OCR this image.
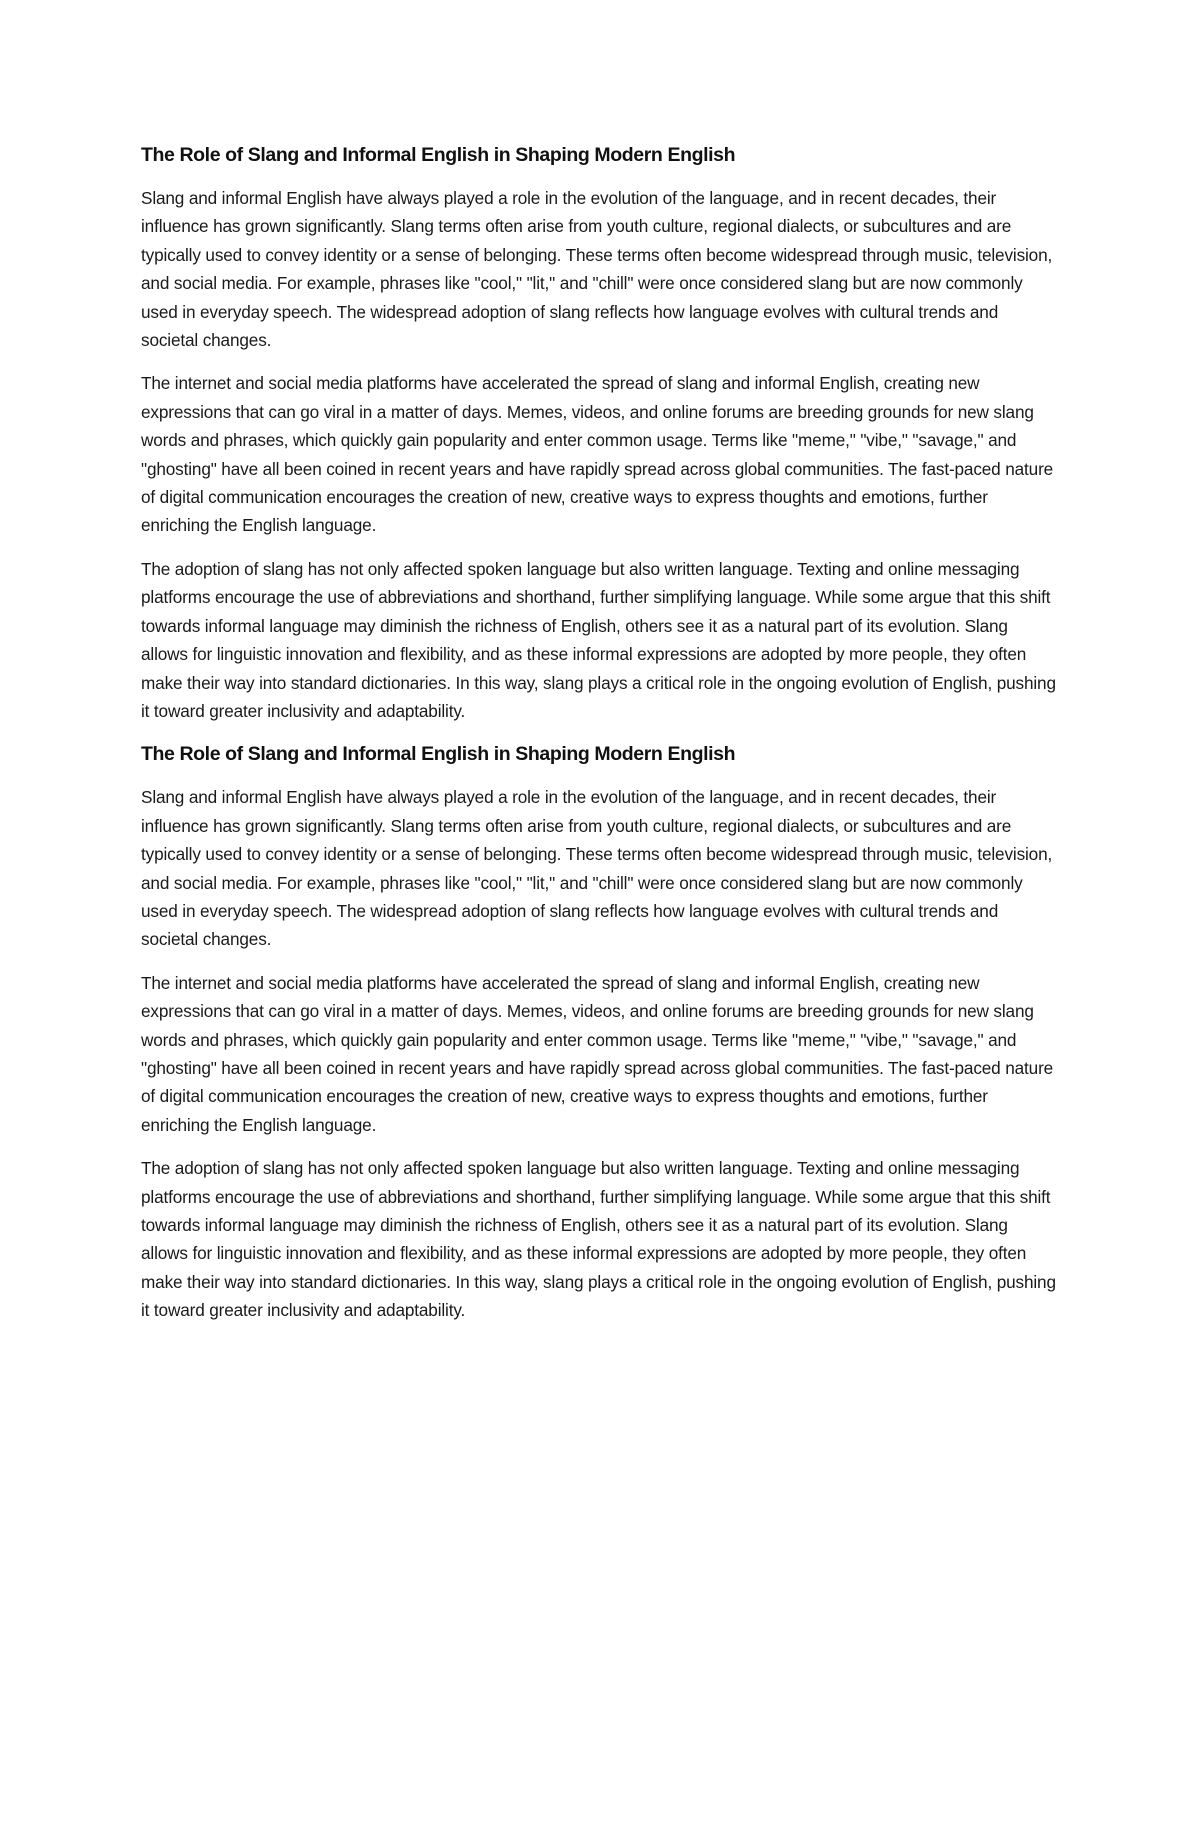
The Role of Slang and Informal English in Shaping Modern English

Slang and informal English have always played a role in the evolution of the language, and in recent decades, their influence has grown significantly. Slang terms often arise from youth culture, regional dialects, or subcultures and are typically used to convey identity or a sense of belonging. These terms often become widespread through music, television, and social media. For example, phrases like "cool," "lit," and "chill" were once considered slang but are now commonly used in everyday speech. The widespread adoption of slang reflects how language evolves with cultural trends and societal changes.

The internet and social media platforms have accelerated the spread of slang and informal English, creating new expressions that can go viral in a matter of days. Memes, videos, and online forums are breeding grounds for new slang words and phrases, which quickly gain popularity and enter common usage. Terms like "meme," "vibe," "savage," and "ghosting" have all been coined in recent years and have rapidly spread across global communities. The fast-paced nature of digital communication encourages the creation of new, creative ways to express thoughts and emotions, further enriching the English language.

The adoption of slang has not only affected spoken language but also written language. Texting and online messaging platforms encourage the use of abbreviations and shorthand, further simplifying language. While some argue that this shift towards informal language may diminish the richness of English, others see it as a natural part of its evolution. Slang allows for linguistic innovation and flexibility, and as these informal expressions are adopted by more people, they often make their way into standard dictionaries. In this way, slang plays a critical role in the ongoing evolution of English, pushing it toward greater inclusivity and adaptability.

The Role of Slang and Informal English in Shaping Modern English

Slang and informal English have always played a role in the evolution of the language, and in recent decades, their influence has grown significantly. Slang terms often arise from youth culture, regional dialects, or subcultures and are typically used to convey identity or a sense of belonging. These terms often become widespread through music, television, and social media. For example, phrases like "cool," "lit," and "chill" were once considered slang but are now commonly used in everyday speech. The widespread adoption of slang reflects how language evolves with cultural trends and societal changes.

The internet and social media platforms have accelerated the spread of slang and informal English, creating new expressions that can go viral in a matter of days. Memes, videos, and online forums are breeding grounds for new slang words and phrases, which quickly gain popularity and enter common usage. Terms like "meme," "vibe," "savage," and "ghosting" have all been coined in recent years and have rapidly spread across global communities. The fast-paced nature of digital communication encourages the creation of new, creative ways to express thoughts and emotions, further enriching the English language.

The adoption of slang has not only affected spoken language but also written language. Texting and online messaging platforms encourage the use of abbreviations and shorthand, further simplifying language. While some argue that this shift towards informal language may diminish the richness of English, others see it as a natural part of its evolution. Slang allows for linguistic innovation and flexibility, and as these informal expressions are adopted by more people, they often make their way into standard dictionaries. In this way, slang plays a critical role in the ongoing evolution of English, pushing it toward greater inclusivity and adaptability.
